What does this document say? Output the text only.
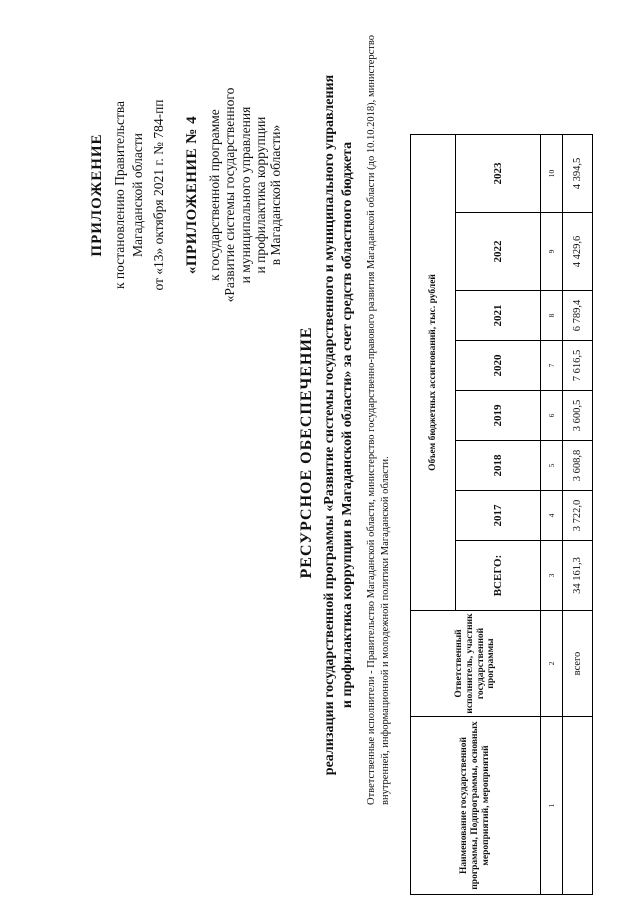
ПРИЛОЖЕНИЕ к постановлению Правительства Магаданской области от «13» октября 2021 г. № 784-пп «ПРИЛОЖЕНИЕ № 4 к государственной программе «Развитие системы государственного и муниципального управления и профилактика коррупции в Магаданской области»
РЕСУРСНОЕ ОБЕСПЕЧЕНИЕ реализации государственной программы «Развитие системы государственного и муниципального управления и профилактика коррупции в Магаданской области» за счет средств областного бюджета Ответственные исполнители - Правительство Магаданской области, министерство государственно-правового развития Магаданской области (до 10.10.2018), министерство внутренней, информационной и молодежной политики Магаданской области.
Наименование государственной программы, Подпрограммы, основных мероприятий, мероприятий	Ответственный исполнитель, участник государственной программы	Объем бюджетных ассигнований, тыс. рублей							
		ВСЕГО:	2017	2018	2019	2020	2021	2022	2023
1	2	3	4	5	6	7	8	9	10
	всего	34 161,3	3 722,0	3 608,8	3 600,5	7 616,5	6 789,4	4 429,6	4 394,5
